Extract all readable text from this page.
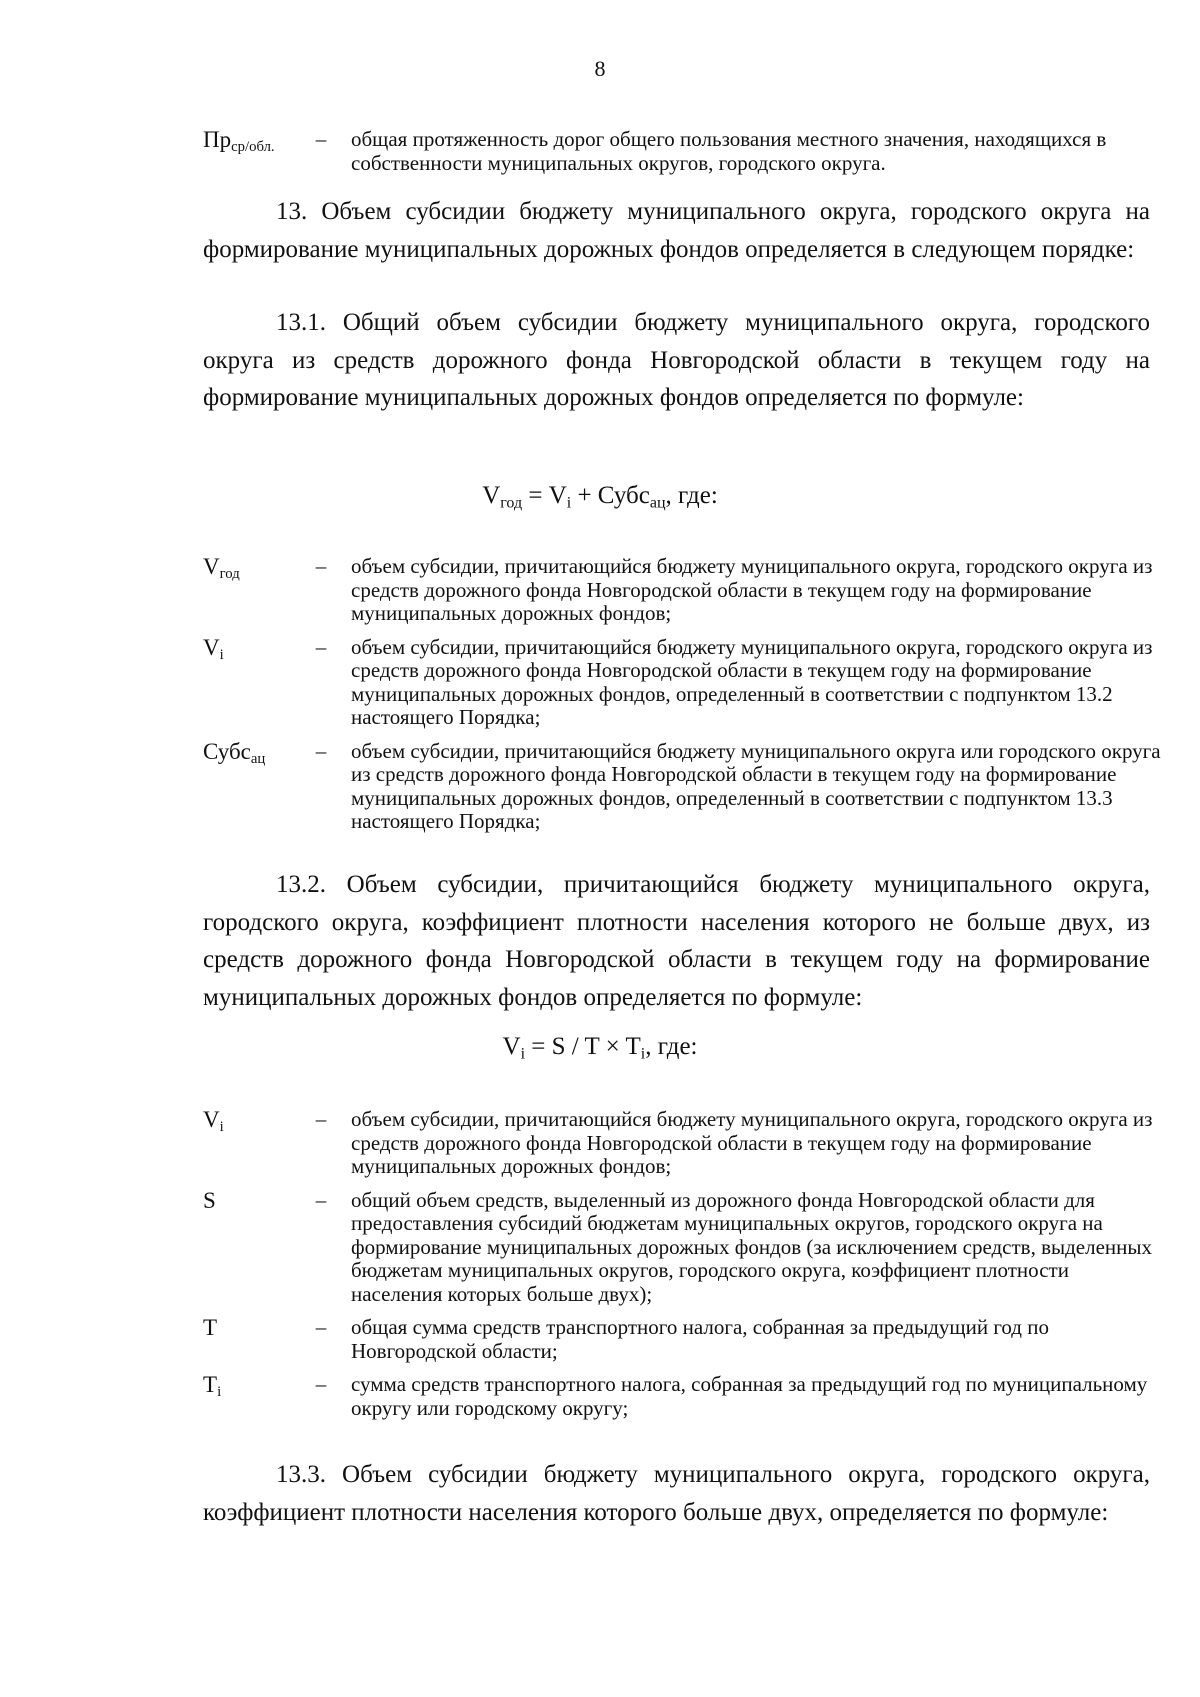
8
$Пр_{ср/обл.}$	– общая протяженность дорог общего пользования местного значения, находящихся в собственности муниципальных округов, городского округа.

13. Объем субсидии бюджету муниципального округа, городского округа на формирование муниципальных дорожных фондов определяется в следующем порядке:

13.1. Общий объем субсидии бюджету муниципального округа, городского округа из средств дорожного фонда Новгородской области в текущем году на формирование муниципальных дорожных фондов определяется по формуле:

$V_{год} = V_i$ + Субс$_{ац}$, где:
$V_{год}$	– объем субсидии, причитающийся бюджету муниципального округа, городского округа из средств дорожного фонда Новгородской области в текущем году на формирование муниципальных дорожных фондов;
$V_i$	– объем субсидии, причитающийся бюджету муниципального округа, городского округа из средств дорожного фонда Новгородской области в текущем году на формирование муниципальных дорожных фондов, определенный в соответствии с подпунктом 13.2 настоящего Порядка;
Субс$_{ац}$	– объем субсидии, причитающийся бюджету муниципального округа или городского округа из средств дорожного фонда Новгородской области в текущем году на формирование муниципальных дорожных фондов, определенный в соответствии с подпунктом 13.3 настоящего Порядка;

13.2. Объем субсидии, причитающийся бюджету муниципального округа, городского округа, коэффициент плотности населения которого не больше двух, из средств дорожного фонда Новгородской области в текущем году на формирование муниципальных дорожных фондов определяется по формуле:

$V_i = S / T \times T_i$, где:
$V_i$	– объем субсидии, причитающийся бюджету муниципального округа, городского округа из средств дорожного фонда Новгородской области в текущем году на формирование муниципальных дорожных фондов;
S	– общий объем средств, выделенный из дорожного фонда Новгородской области для предоставления субсидий бюджетам муниципальных округов, городского округа на формирование муниципальных дорожных фондов (за исключением средств, выделенных бюджетам муниципальных округов, городского округа, коэффициент плотности населения которых больше двух);
T	– общая сумма средств транспортного налога, собранная за предыдущий год по Новгородской области;
$T_i$	– сумма средств транспортного налога, собранная за предыдущий год по муниципальному округу или городскому округу;

13.3. Объем субсидии бюджету муниципального округа, городского округа, коэффициент плотности населения которого больше двух, определяется по формуле:
